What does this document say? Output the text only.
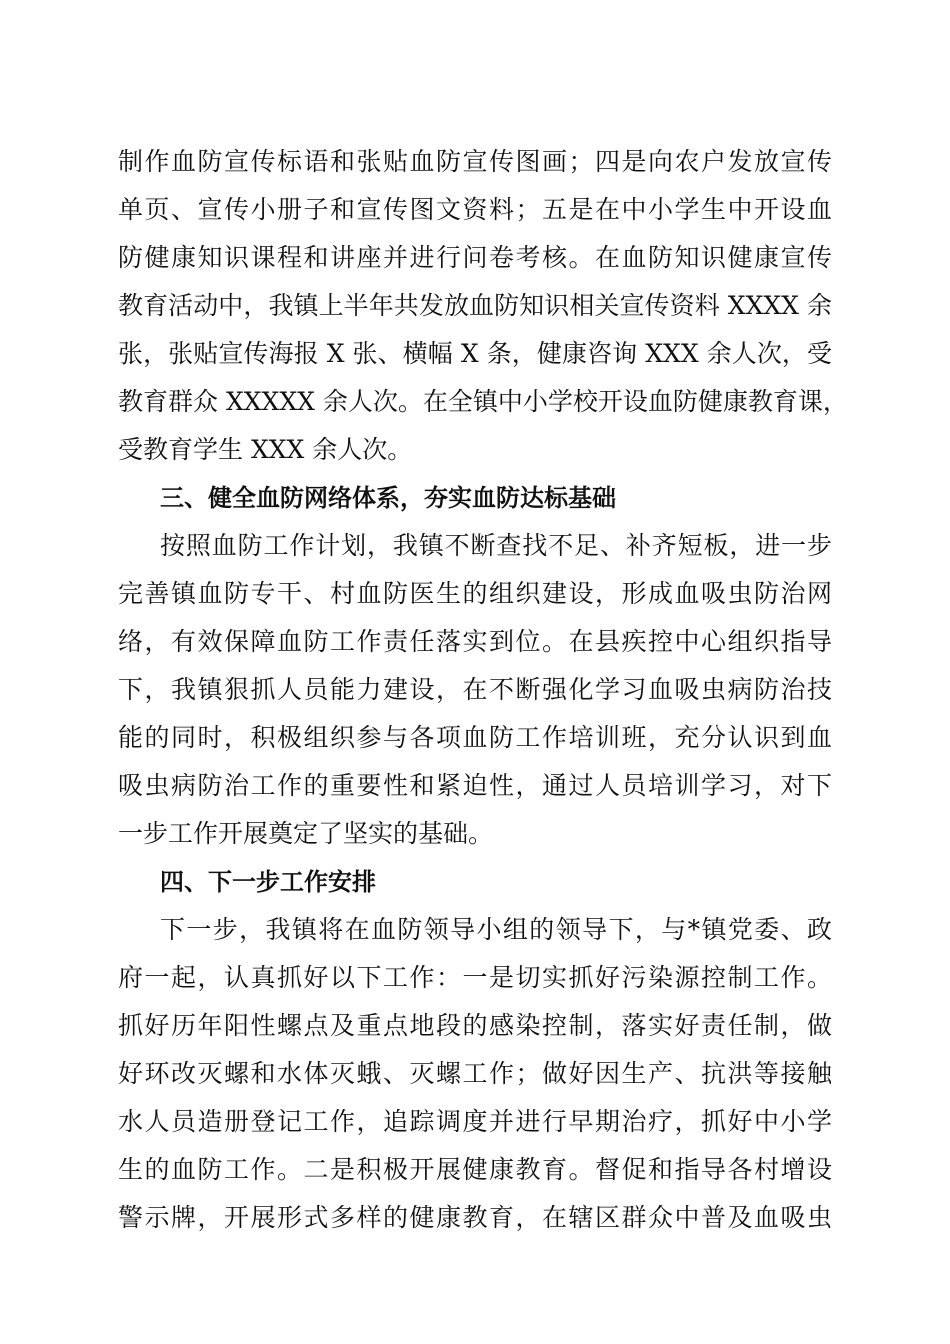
制作血防宣传标语和张贴血防宣传图画；四是向农户发放宣传
单页、宣传小册子和宣传图文资料；五是在中小学生中开设血
防健康知识课程和讲座并进行问卷考核。在血防知识健康宣传
教育活动中，我镇上半年共发放血防知识相关宣传资料 XXXX 余
张，张贴宣传海报 X 张、横幅 X 条，健康咨询 XXX 余人次，受
教育群众 XXXXX 余人次。在全镇中小学校开设血防健康教育课，
受教育学生 XXX 余人次。
三、健全血防网络体系，夯实血防达标基础
按照血防工作计划，我镇不断查找不足、补齐短板，进一步
完善镇血防专干、村血防医生的组织建设，形成血吸虫防治网
络，有效保障血防工作责任落实到位。在县疾控中心组织指导
下，我镇狠抓人员能力建设，在不断强化学习血吸虫病防治技
能的同时，积极组织参与各项血防工作培训班，充分认识到血
吸虫病防治工作的重要性和紧迫性，通过人员培训学习，对下
一步工作开展奠定了坚实的基础。
四、下一步工作安排
下一步，我镇将在血防领导小组的领导下，与*镇党委、政
府一起，认真抓好以下工作：一是切实抓好污染源控制工作。
抓好历年阳性螺点及重点地段的感染控制，落实好责任制，做
好环改灭螺和水体灭蛾、灭螺工作；做好因生产、抗洪等接触
水人员造册登记工作，追踪调度并进行早期治疗，抓好中小学
生的血防工作。二是积极开展健康教育。督促和指导各村增设
警示牌，开展形式多样的健康教育，在辖区群众中普及血吸虫
